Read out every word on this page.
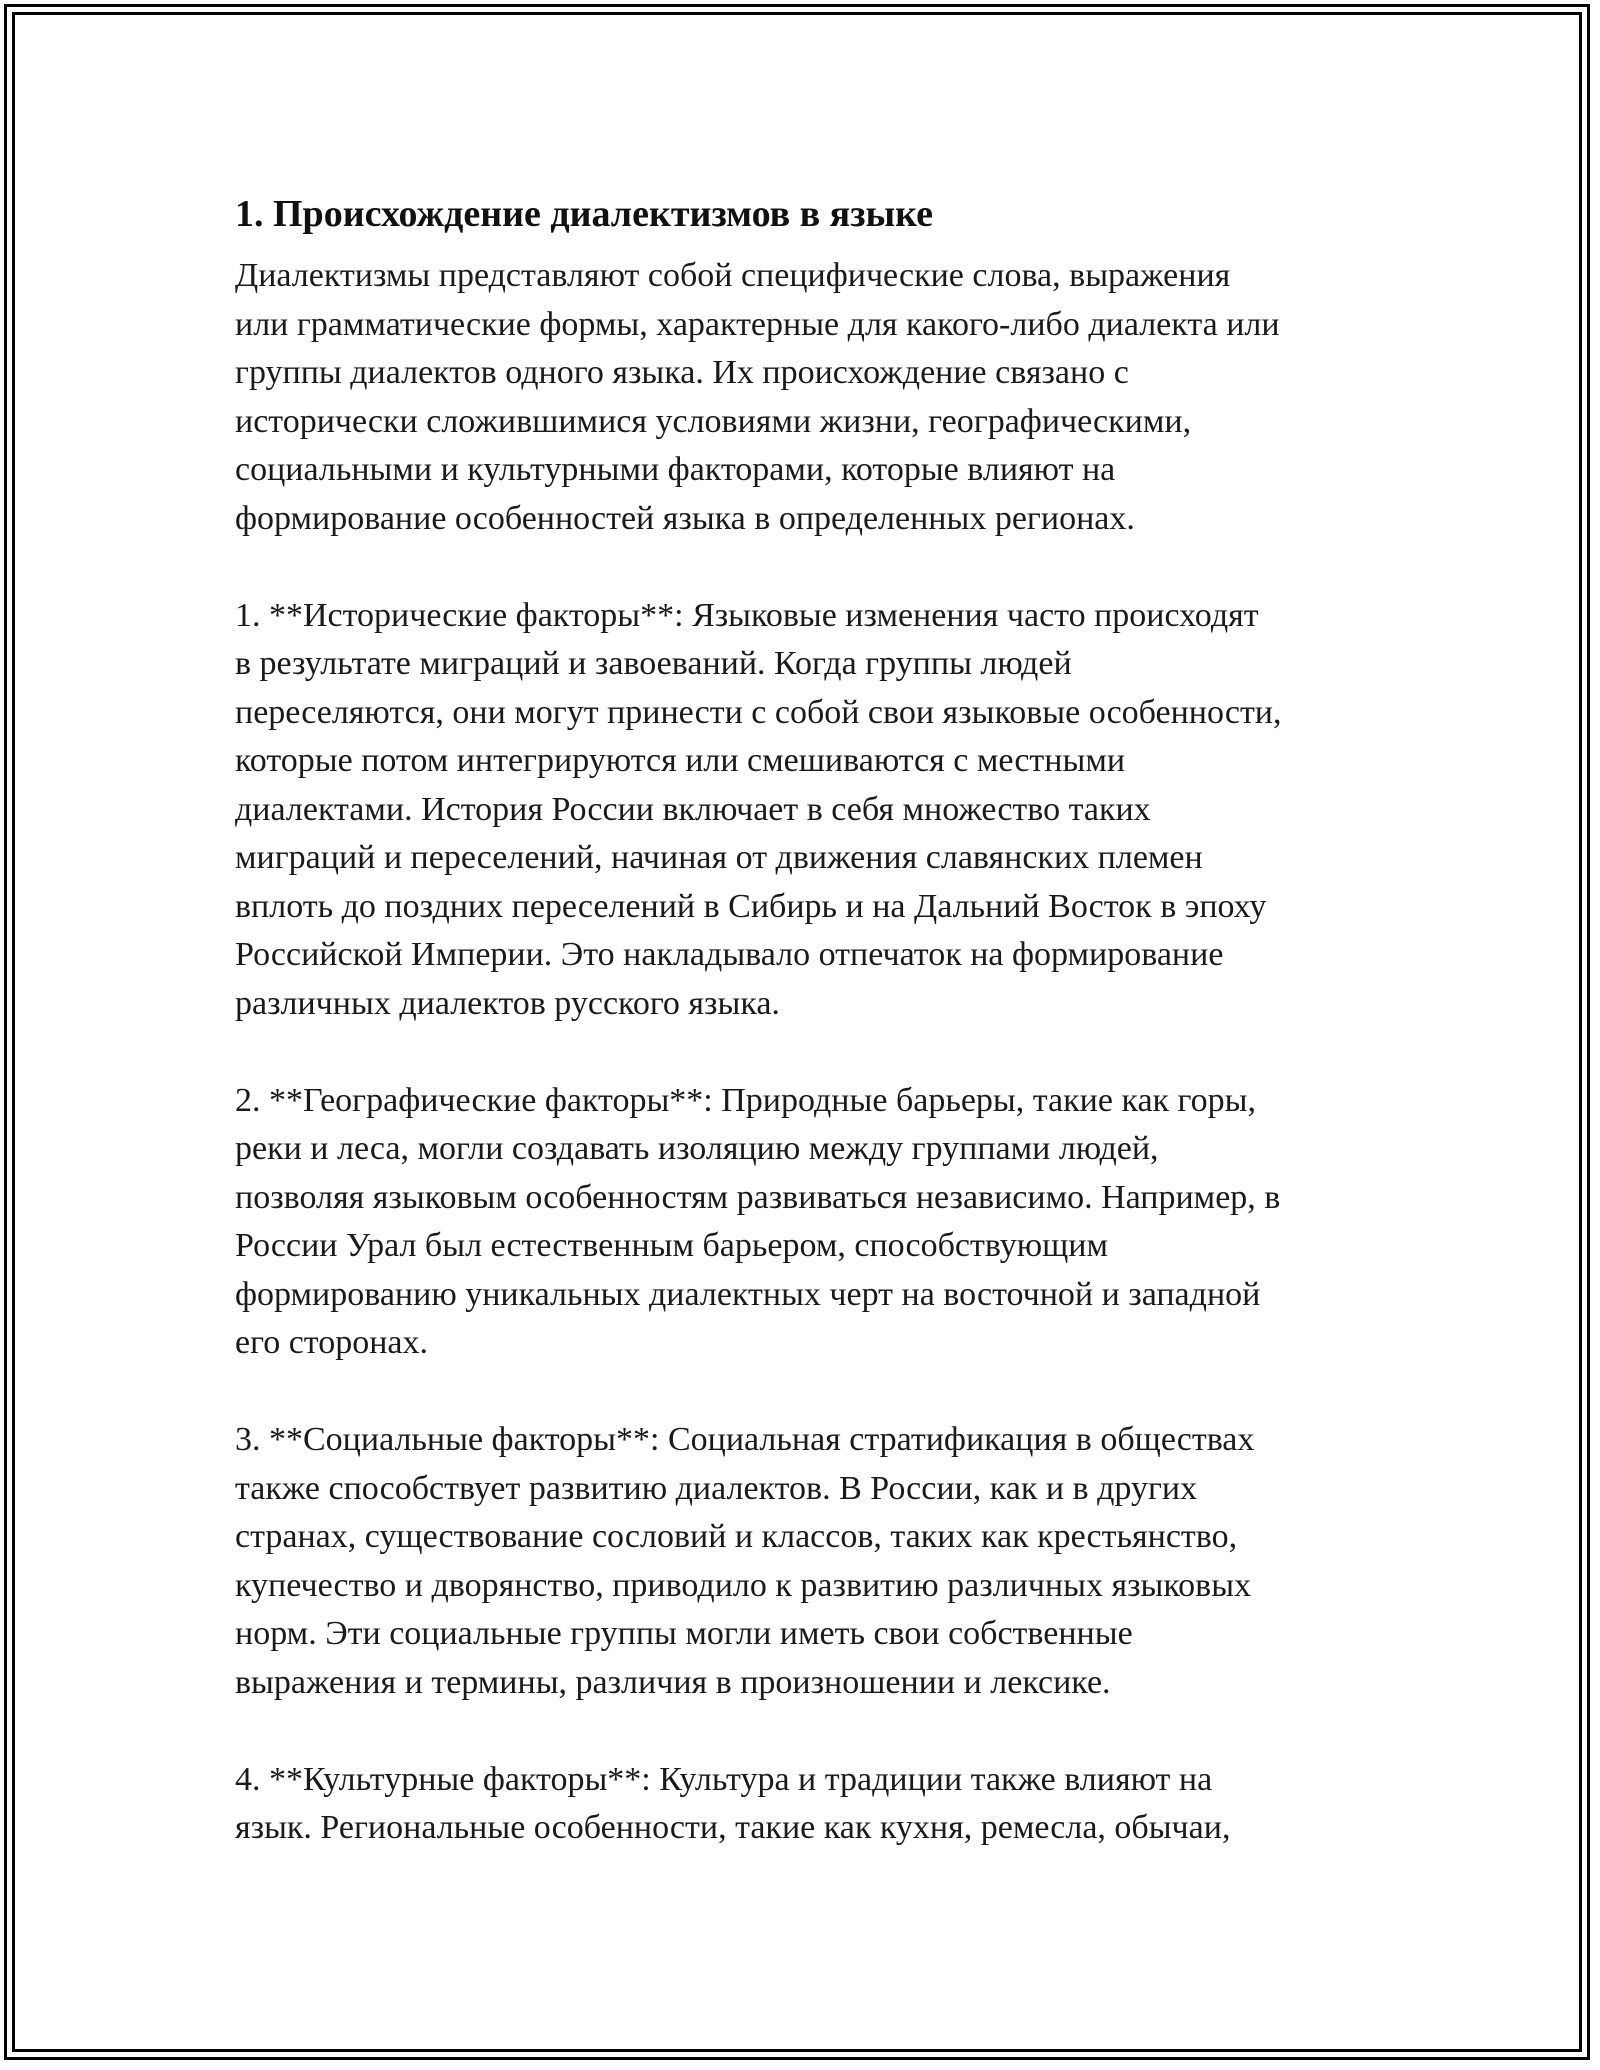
1. Происхождение диалектизмов в языке

Диалектизмы представляют собой специфические слова, выражения
или грамматические формы, характерные для какого-либо диалекта или
группы диалектов одного языка. Их происхождение связано с
исторически сложившимися условиями жизни, географическими,
социальными и культурными факторами, которые влияют на
формирование особенностей языка в определенных регионах.

1. **Исторические факторы**: Языковые изменения часто происходят
в результате миграций и завоеваний. Когда группы людей
переселяются, они могут принести с собой свои языковые особенности,
которые потом интегрируются или смешиваются с местными
диалектами. История России включает в себя множество таких
миграций и переселений, начиная от движения славянских племен
вплоть до поздних переселений в Сибирь и на Дальний Восток в эпоху
Российской Империи. Это накладывало отпечаток на формирование
различных диалектов русского языка.

2. **Географические факторы**: Природные барьеры, такие как горы,
реки и леса, могли создавать изоляцию между группами людей,
позволяя языковым особенностям развиваться независимо. Например, в
России Урал был естественным барьером, способствующим
формированию уникальных диалектных черт на восточной и западной
его сторонах.

3. **Социальные факторы**: Социальная стратификация в обществах
также способствует развитию диалектов. В России, как и в других
странах, существование сословий и классов, таких как крестьянство,
купечество и дворянство, приводило к развитию различных языковых
норм. Эти социальные группы могли иметь свои собственные
выражения и термины, различия в произношении и лексике.

4. **Культурные факторы**: Культура и традиции также влияют на
язык. Региональные особенности, такие как кухня, ремесла, обычаи,
